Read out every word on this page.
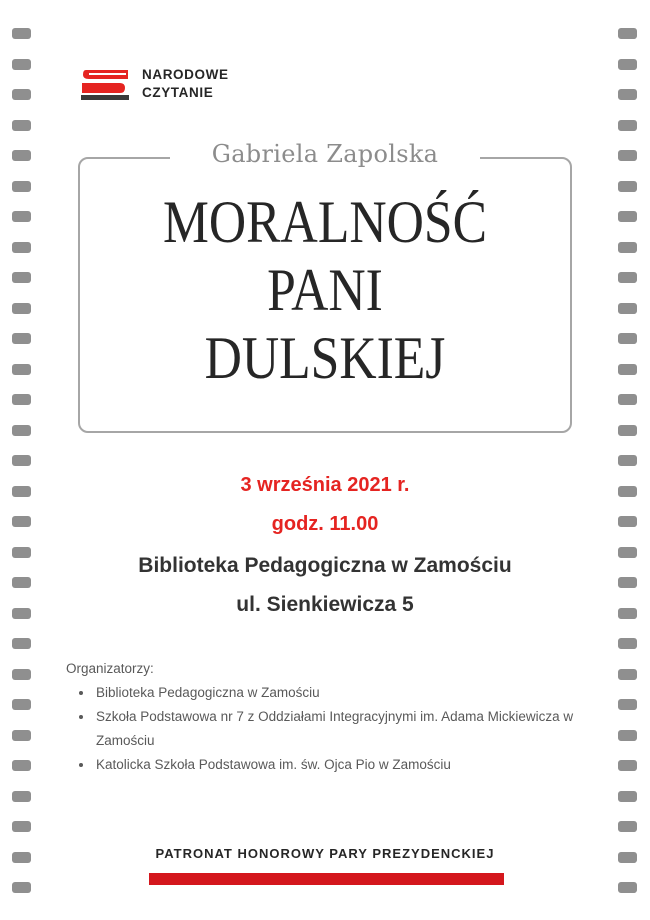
NARODOWE
CZYTANIE
Gabriela Zapolska
MORALNOŚĆ
PANI
DULSKIEJ
3 września 2021 r.
godz. 11.00
Biblioteka Pedagogiczna w Zamościu
ul. Sienkiewicza 5
Organizatorzy:
• Biblioteka Pedagogiczna w Zamościu
• Szkoła Podstawowa nr 7 z Oddziałami Integracyjnymi im. Adama Mickiewicza w Zamościu
• Katolicka Szkoła Podstawowa im. św. Ojca Pio w Zamościu
PATRONAT HONOROWY PARY PREZYDENCKIEJ
